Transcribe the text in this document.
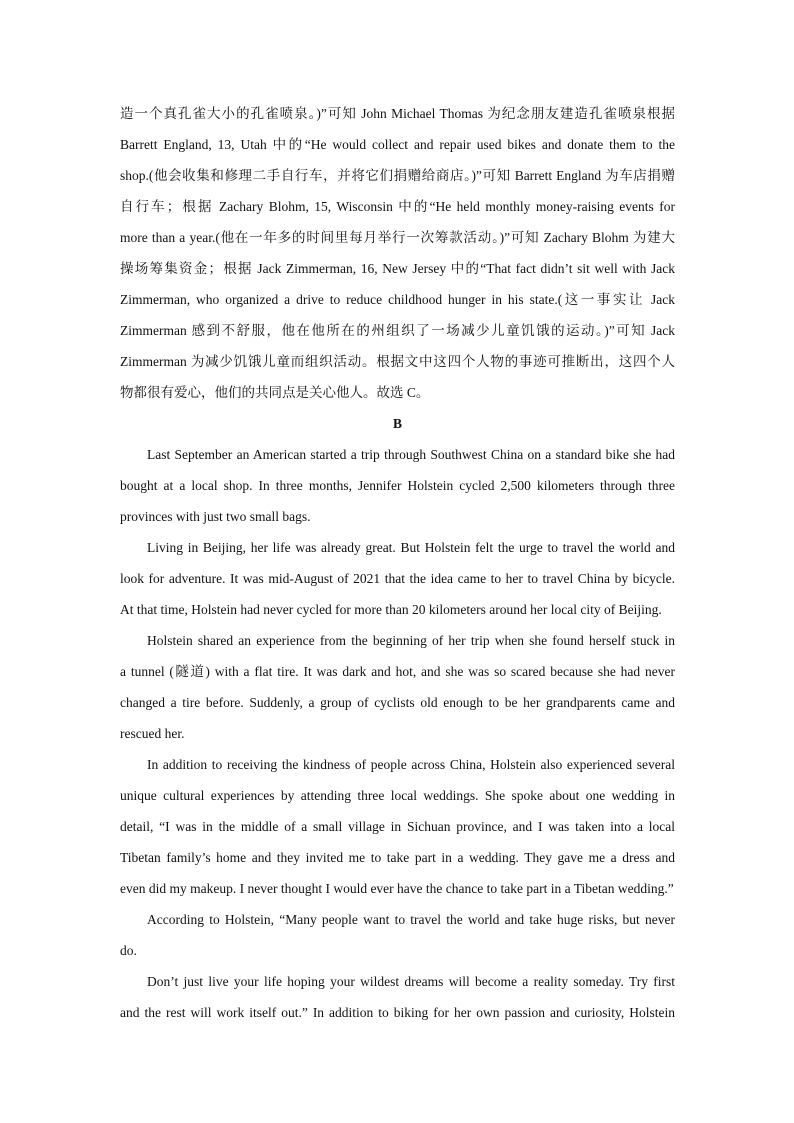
造一个真孔雀大小的孔雀喷泉。)”可知 John Michael Thomas 为纪念朋友建造孔雀喷泉根据
Barrett England, 13, Utah 中的“He would collect and repair used bikes and donate them to the
shop.(他会收集和修理二手自行车，并将它们捐赠给商店。)”可知 Barrett England 为车店捐赠
自行车；根据 Zachary Blohm, 15, Wisconsin 中的“He held monthly money-raising events for
more than a year.(他在一年多的时间里每月举行一次筹款活动。)”可知 Zachary Blohm 为建大
操场筹集资金；根据 Jack Zimmerman, 16, New Jersey 中的“That fact didn’t sit well with Jack
Zimmerman, who organized a drive to reduce childhood hunger in his state.(这一事实让 Jack
Zimmerman 感到不舒服，他在他所在的州组织了一场减少儿童饥饿的运动。)”可知 Jack
Zimmerman 为减少饥饿儿童而组织活动。根据文中这四个人物的事迹可推断出，这四个人
物都很有爱心，他们的共同点是关心他人。故选 C。
B
Last September an American started a trip through Southwest China on a standard bike she had
bought at a local shop. In three months, Jennifer Holstein cycled 2,500 kilometers through three
provinces with just two small bags.
Living in Beijing, her life was already great. But Holstein felt the urge to travel the world and
look for adventure. It was mid-August of 2021 that the idea came to her to travel China by bicycle.
At that time, Holstein had never cycled for more than 20 kilometers around her local city of Beijing.
Holstein shared an experience from the beginning of her trip when she found herself stuck in
a tunnel (隧道) with a flat tire. It was dark and hot, and she was so scared because she had never
changed a tire before. Suddenly, a group of cyclists old enough to be her grandparents came and
rescued her.
In addition to receiving the kindness of people across China, Holstein also experienced several
unique cultural experiences by attending three local weddings. She spoke about one wedding in
detail, “I was in the middle of a small village in Sichuan province, and I was taken into a local
Tibetan family’s home and they invited me to take part in a wedding. They gave me a dress and
even did my makeup. I never thought I would ever have the chance to take part in a Tibetan wedding.”
According to Holstein, “Many people want to travel the world and take huge risks, but never
do.
Don’t just live your life hoping your wildest dreams will become a reality someday. Try first
and the rest will work itself out.” In addition to biking for her own passion and curiosity, Holstein
